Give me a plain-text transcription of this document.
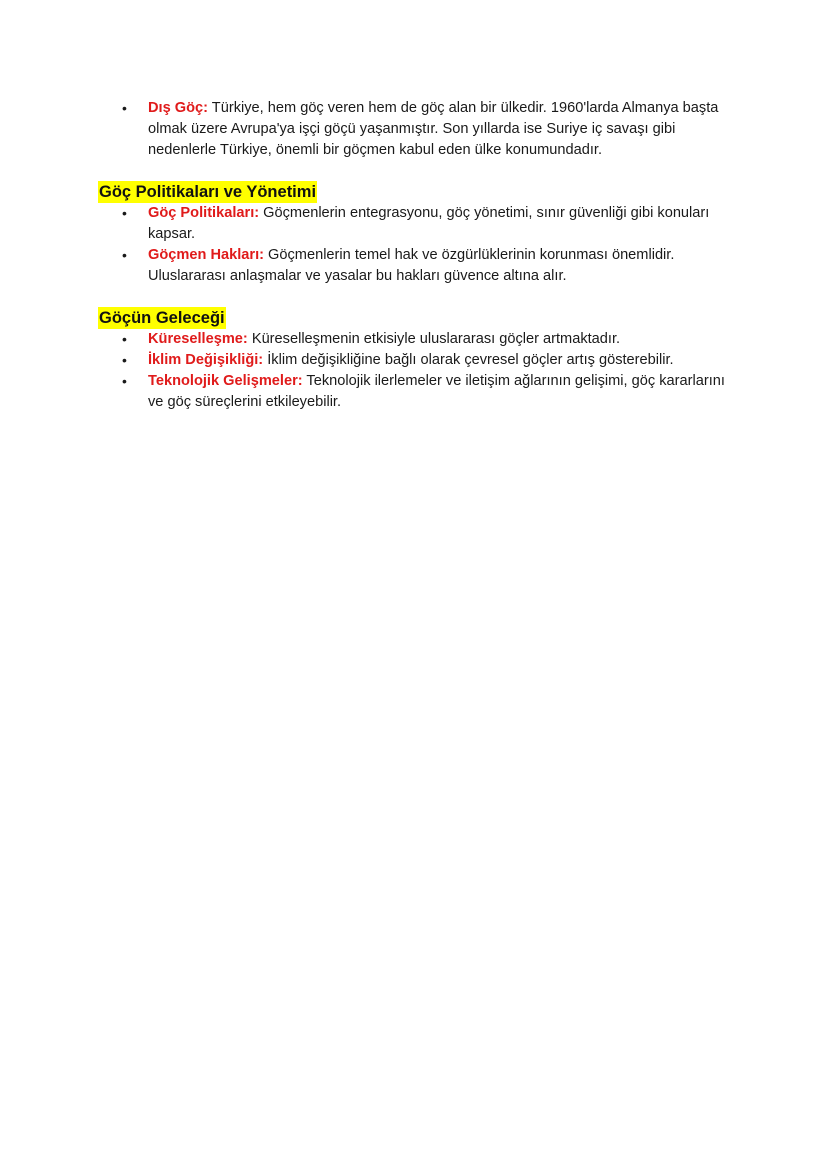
• Dış Göç: Türkiye, hem göç veren hem de göç alan bir ülkedir. 1960'larda Almanya başta olmak üzere Avrupa'ya işçi göçü yaşanmıştır. Son yıllarda ise Suriye iç savaşı gibi nedenlerle Türkiye, önemli bir göçmen kabul eden ülke konumundadır.
Göç Politikaları ve Yönetimi
• Göç Politikaları: Göçmenlerin entegrasyonu, göç yönetimi, sınır güvenliği gibi konuları kapsar.
• Göçmen Hakları: Göçmenlerin temel hak ve özgürlüklerinin korunması önemlidir. Uluslararası anlaşmalar ve yasalar bu hakları güvence altına alır.
Göçün Geleceği
• Küreselleşme: Küreselleşmenin etkisiyle uluslararası göçler artmaktadır.
• İklim Değişikliği: İklim değişikliğine bağlı olarak çevresel göçler artış gösterebilir.
• Teknolojik Gelişmeler: Teknolojik ilerlemeler ve iletişim ağlarının gelişimi, göç kararlarını ve göç süreçlerini etkileyebilir.
